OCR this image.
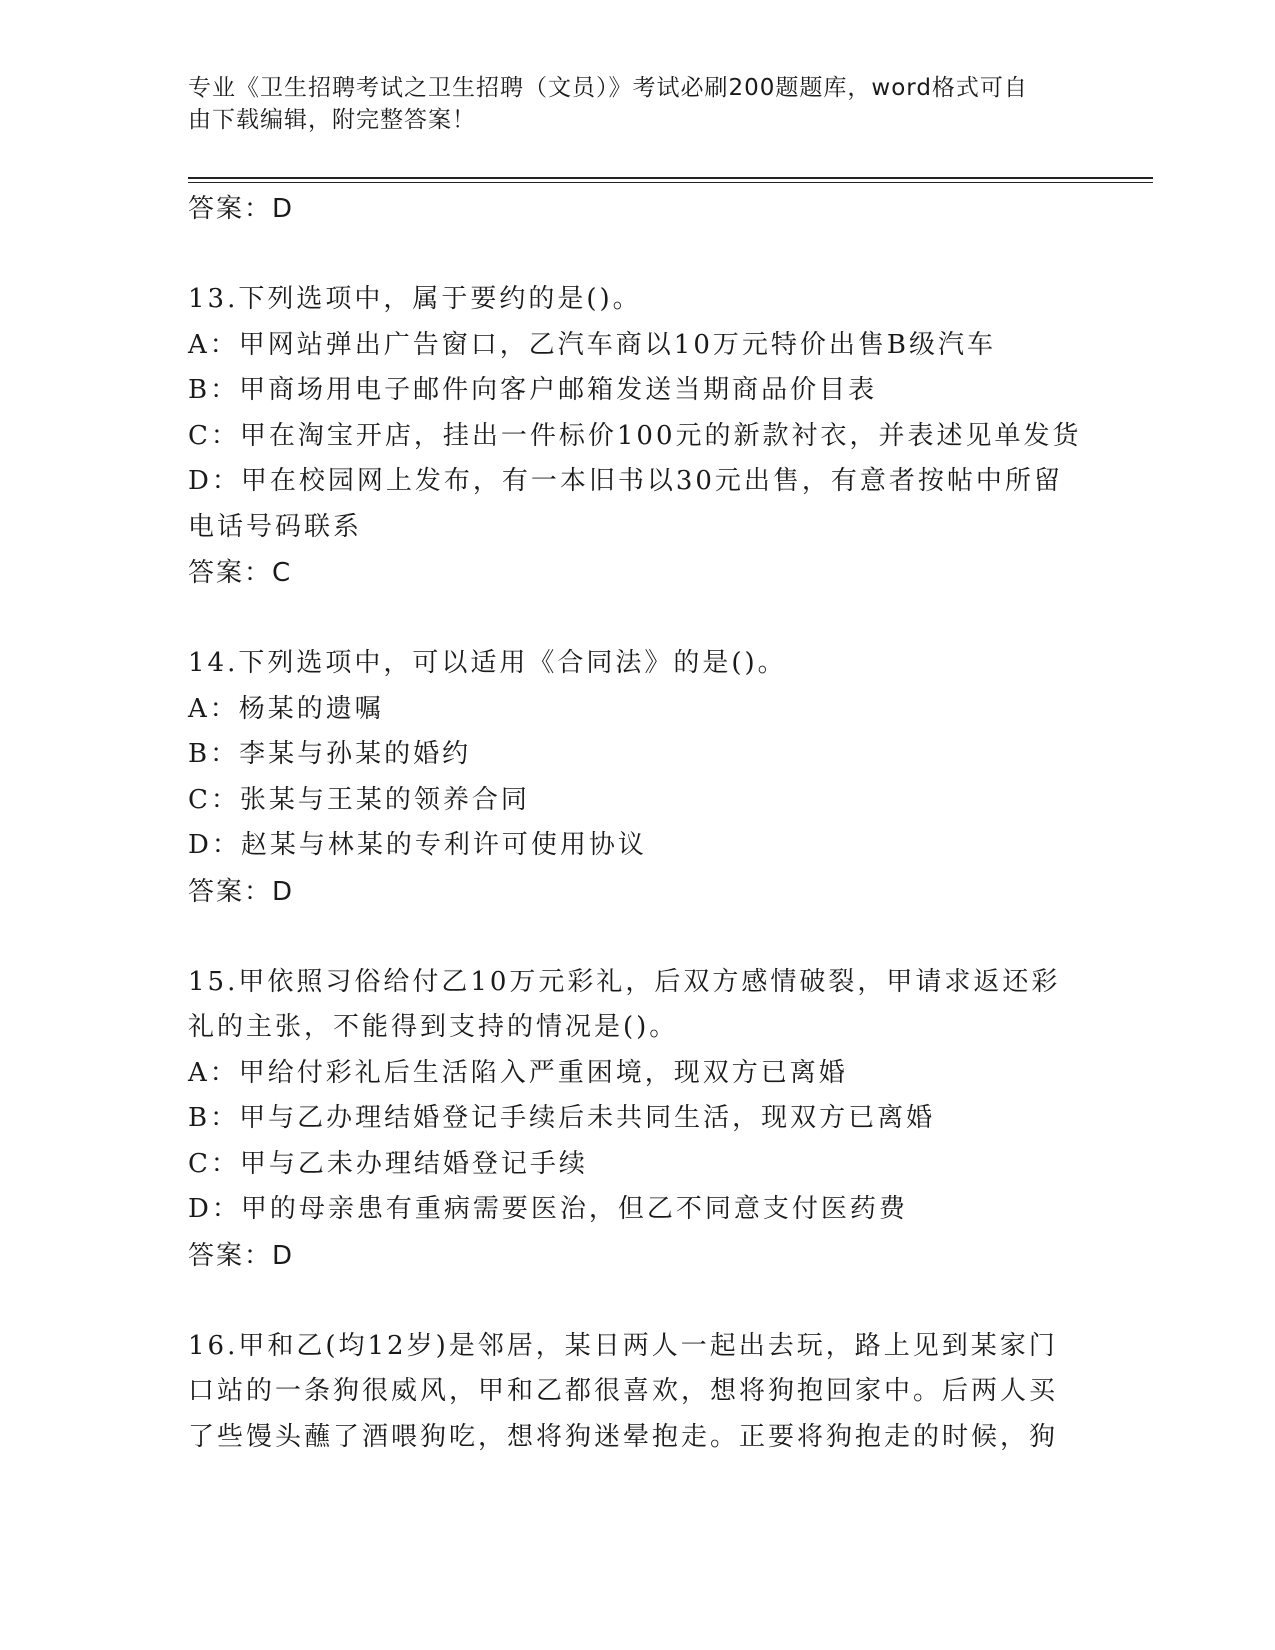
专业《卫生招聘考试之卫生招聘（文员）》考试必刷200题题库，word格式可自
由下载编辑，附完整答案！
答案：D
13.下列选项中，属于要约的是()。
A：甲网站弹出广告窗口，乙汽车商以10万元特价出售B级汽车
B：甲商场用电子邮件向客户邮箱发送当期商品价目表
C：甲在淘宝开店，挂出一件标价100元的新款衬衣，并表述见单发货
D：甲在校园网上发布，有一本旧书以30元出售，有意者按帖中所留
电话号码联系
答案：C
14.下列选项中，可以适用《合同法》的是()。
A：杨某的遗嘱
B：李某与孙某的婚约
C：张某与王某的领养合同
D：赵某与林某的专利许可使用协议
答案：D
15.甲依照习俗给付乙10万元彩礼，后双方感情破裂，甲请求返还彩
礼的主张，不能得到支持的情况是()。
A：甲给付彩礼后生活陷入严重困境，现双方已离婚
B：甲与乙办理结婚登记手续后未共同生活，现双方已离婚
C：甲与乙未办理结婚登记手续
D：甲的母亲患有重病需要医治，但乙不同意支付医药费
答案：D
16.甲和乙(均12岁)是邻居，某日两人一起出去玩，路上见到某家门
口站的一条狗很威风，甲和乙都很喜欢，想将狗抱回家中。后两人买
了些馒头蘸了酒喂狗吃，想将狗迷晕抱走。正要将狗抱走的时候，狗
